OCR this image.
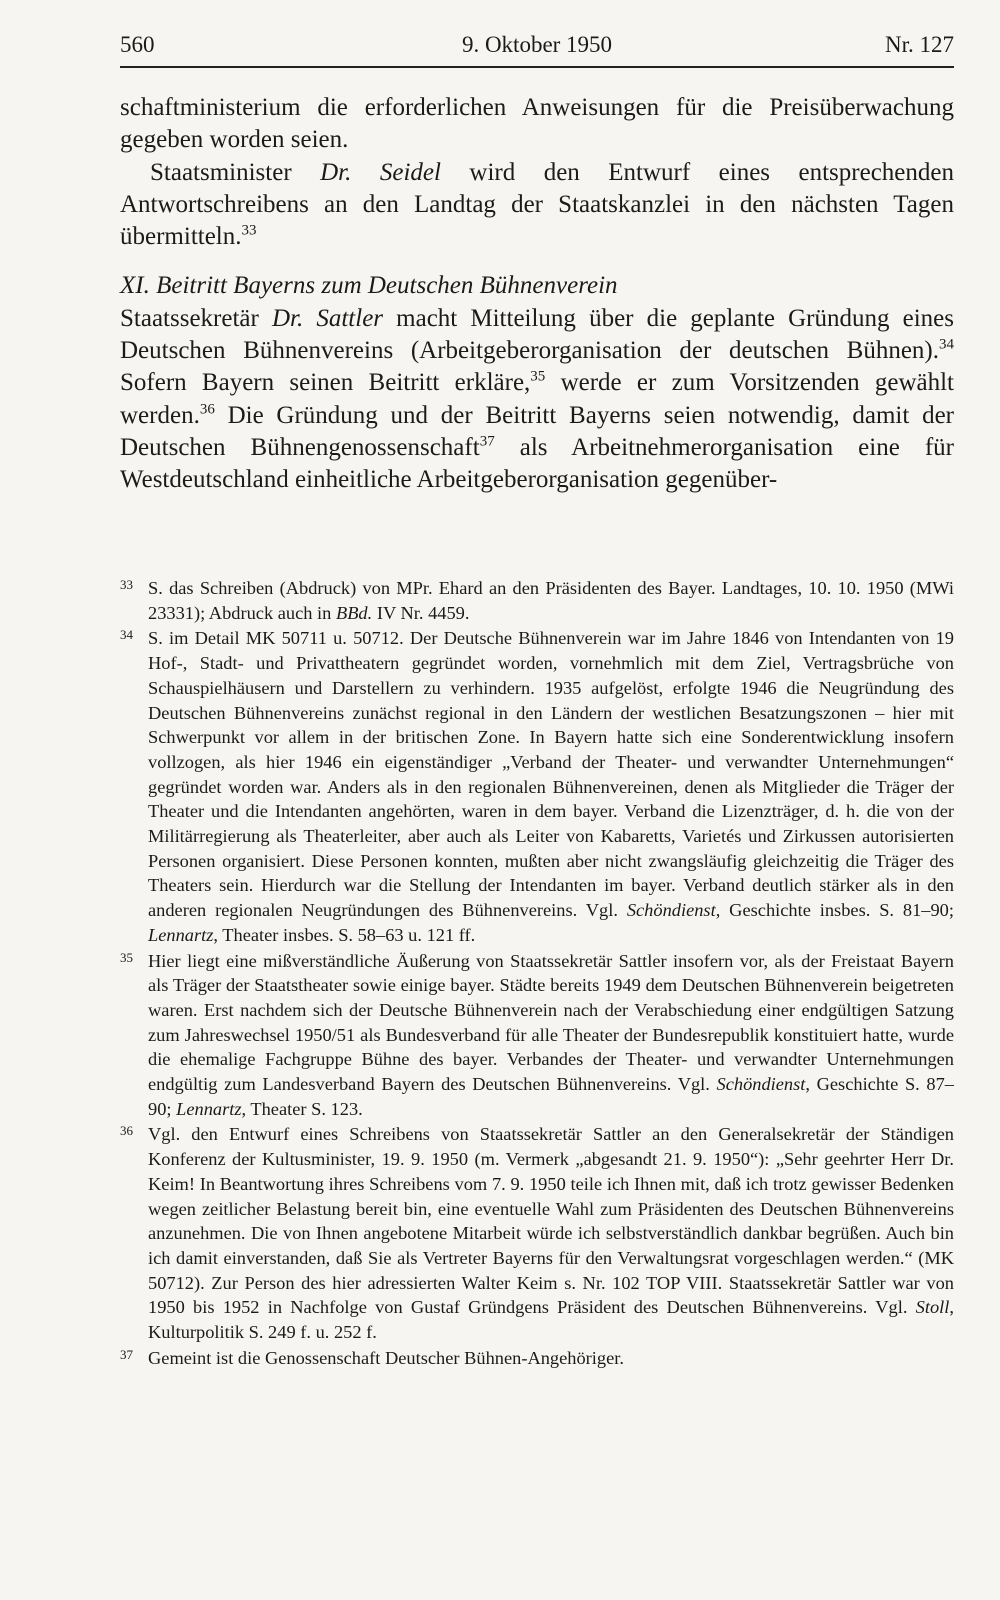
560	9. Oktober 1950	Nr. 127

schaftministerium die erforderlichen Anweisungen für die Preisüberwachung gegeben worden seien.

Staatsminister Dr. Seidel wird den Entwurf eines entsprechenden Antwortschreibens an den Landtag der Staatskanzlei in den nächsten Tagen übermitteln.$^{33}$

XI. Beitritt Bayerns zum Deutschen Bühnenverein

Staatssekretär Dr. Sattler macht Mitteilung über die geplante Gründung eines Deutschen Bühnenvereins (Arbeitgeberorganisation der deutschen Bühnen).$^{34}$ Sofern Bayern seinen Beitritt erkläre,$^{35}$ werde er zum Vorsitzenden gewählt werden.$^{36}$ Die Gründung und der Beitritt Bayerns seien notwendig, damit der Deutschen Bühnengenossenschaft$^{37}$ als Arbeitnehmerorganisation eine für Westdeutschland einheitliche Arbeitgeberorganisation gegenüber-

33 S. das Schreiben (Abdruck) von MPr. Ehard an den Präsidenten des Bayer. Landtages, 10. 10. 1950 (MWi 23331); Abdruck auch in BBd. IV Nr. 4459.
34 S. im Detail MK 50711 u. 50712. Der Deutsche Bühnenverein war im Jahre 1846 von Intendanten von 19 Hof-, Stadt- und Privattheatern gegründet worden, vornehmlich mit dem Ziel, Vertragsbrüche von Schauspielhäusern und Darstellern zu verhindern. 1935 aufgelöst, erfolgte 1946 die Neugründung des Deutschen Bühnenvereins zunächst regional in den Ländern der westlichen Besatzungszonen – hier mit Schwerpunkt vor allem in der britischen Zone. In Bayern hatte sich eine Sonderentwicklung insofern vollzogen, als hier 1946 ein eigenständiger „Verband der Theater- und verwandter Unternehmungen“ gegründet worden war. Anders als in den regionalen Bühnenvereinen, denen als Mitglieder die Träger der Theater und die Intendanten angehörten, waren in dem bayer. Verband die Lizenzträger, d. h. die von der Militärregierung als Theaterleiter, aber auch als Leiter von Kabaretts, Varietés und Zirkussen autorisierten Personen organisiert. Diese Personen konnten, mußten aber nicht zwangsläufig gleichzeitig die Träger des Theaters sein. Hierdurch war die Stellung der Intendanten im bayer. Verband deutlich stärker als in den anderen regionalen Neugründungen des Bühnenvereins. Vgl. Schöndienst, Geschichte insbes. S. 81–90; Lennartz, Theater insbes. S. 58–63 u. 121 ff.
35 Hier liegt eine mißverständliche Äußerung von Staatssekretär Sattler insofern vor, als der Freistaat Bayern als Träger der Staatstheater sowie einige bayer. Städte bereits 1949 dem Deutschen Bühnenverein beigetreten waren. Erst nachdem sich der Deutsche Bühnenverein nach der Verabschiedung einer endgültigen Satzung zum Jahreswechsel 1950/51 als Bundesverband für alle Theater der Bundesrepublik konstituiert hatte, wurde die ehemalige Fachgruppe Bühne des bayer. Verbandes der Theater- und verwandter Unternehmungen endgültig zum Landesverband Bayern des Deutschen Bühnenvereins. Vgl. Schöndienst, Geschichte S. 87–90; Lennartz, Theater S. 123.
36 Vgl. den Entwurf eines Schreibens von Staatssekretär Sattler an den Generalsekretär der Ständigen Konferenz der Kultusminister, 19. 9. 1950 (m. Vermerk „abgesandt 21. 9. 1950“): „Sehr geehrter Herr Dr. Keim! In Beantwortung ihres Schreibens vom 7. 9. 1950 teile ich Ihnen mit, daß ich trotz gewisser Bedenken wegen zeitlicher Belastung bereit bin, eine eventuelle Wahl zum Präsidenten des Deutschen Bühnenvereins anzunehmen. Die von Ihnen angebotene Mitarbeit würde ich selbstverständlich dankbar begrüßen. Auch bin ich damit einverstanden, daß Sie als Vertreter Bayerns für den Verwaltungsrat vorgeschlagen werden.“ (MK 50712). Zur Person des hier adressierten Walter Keim s. Nr. 102 TOP VIII. Staatssekretär Sattler war von 1950 bis 1952 in Nachfolge von Gustaf Gründgens Präsident des Deutschen Bühnenvereins. Vgl. Stoll, Kulturpolitik S. 249 f. u. 252 f.
37 Gemeint ist die Genossenschaft Deutscher Bühnen-Angehöriger.
